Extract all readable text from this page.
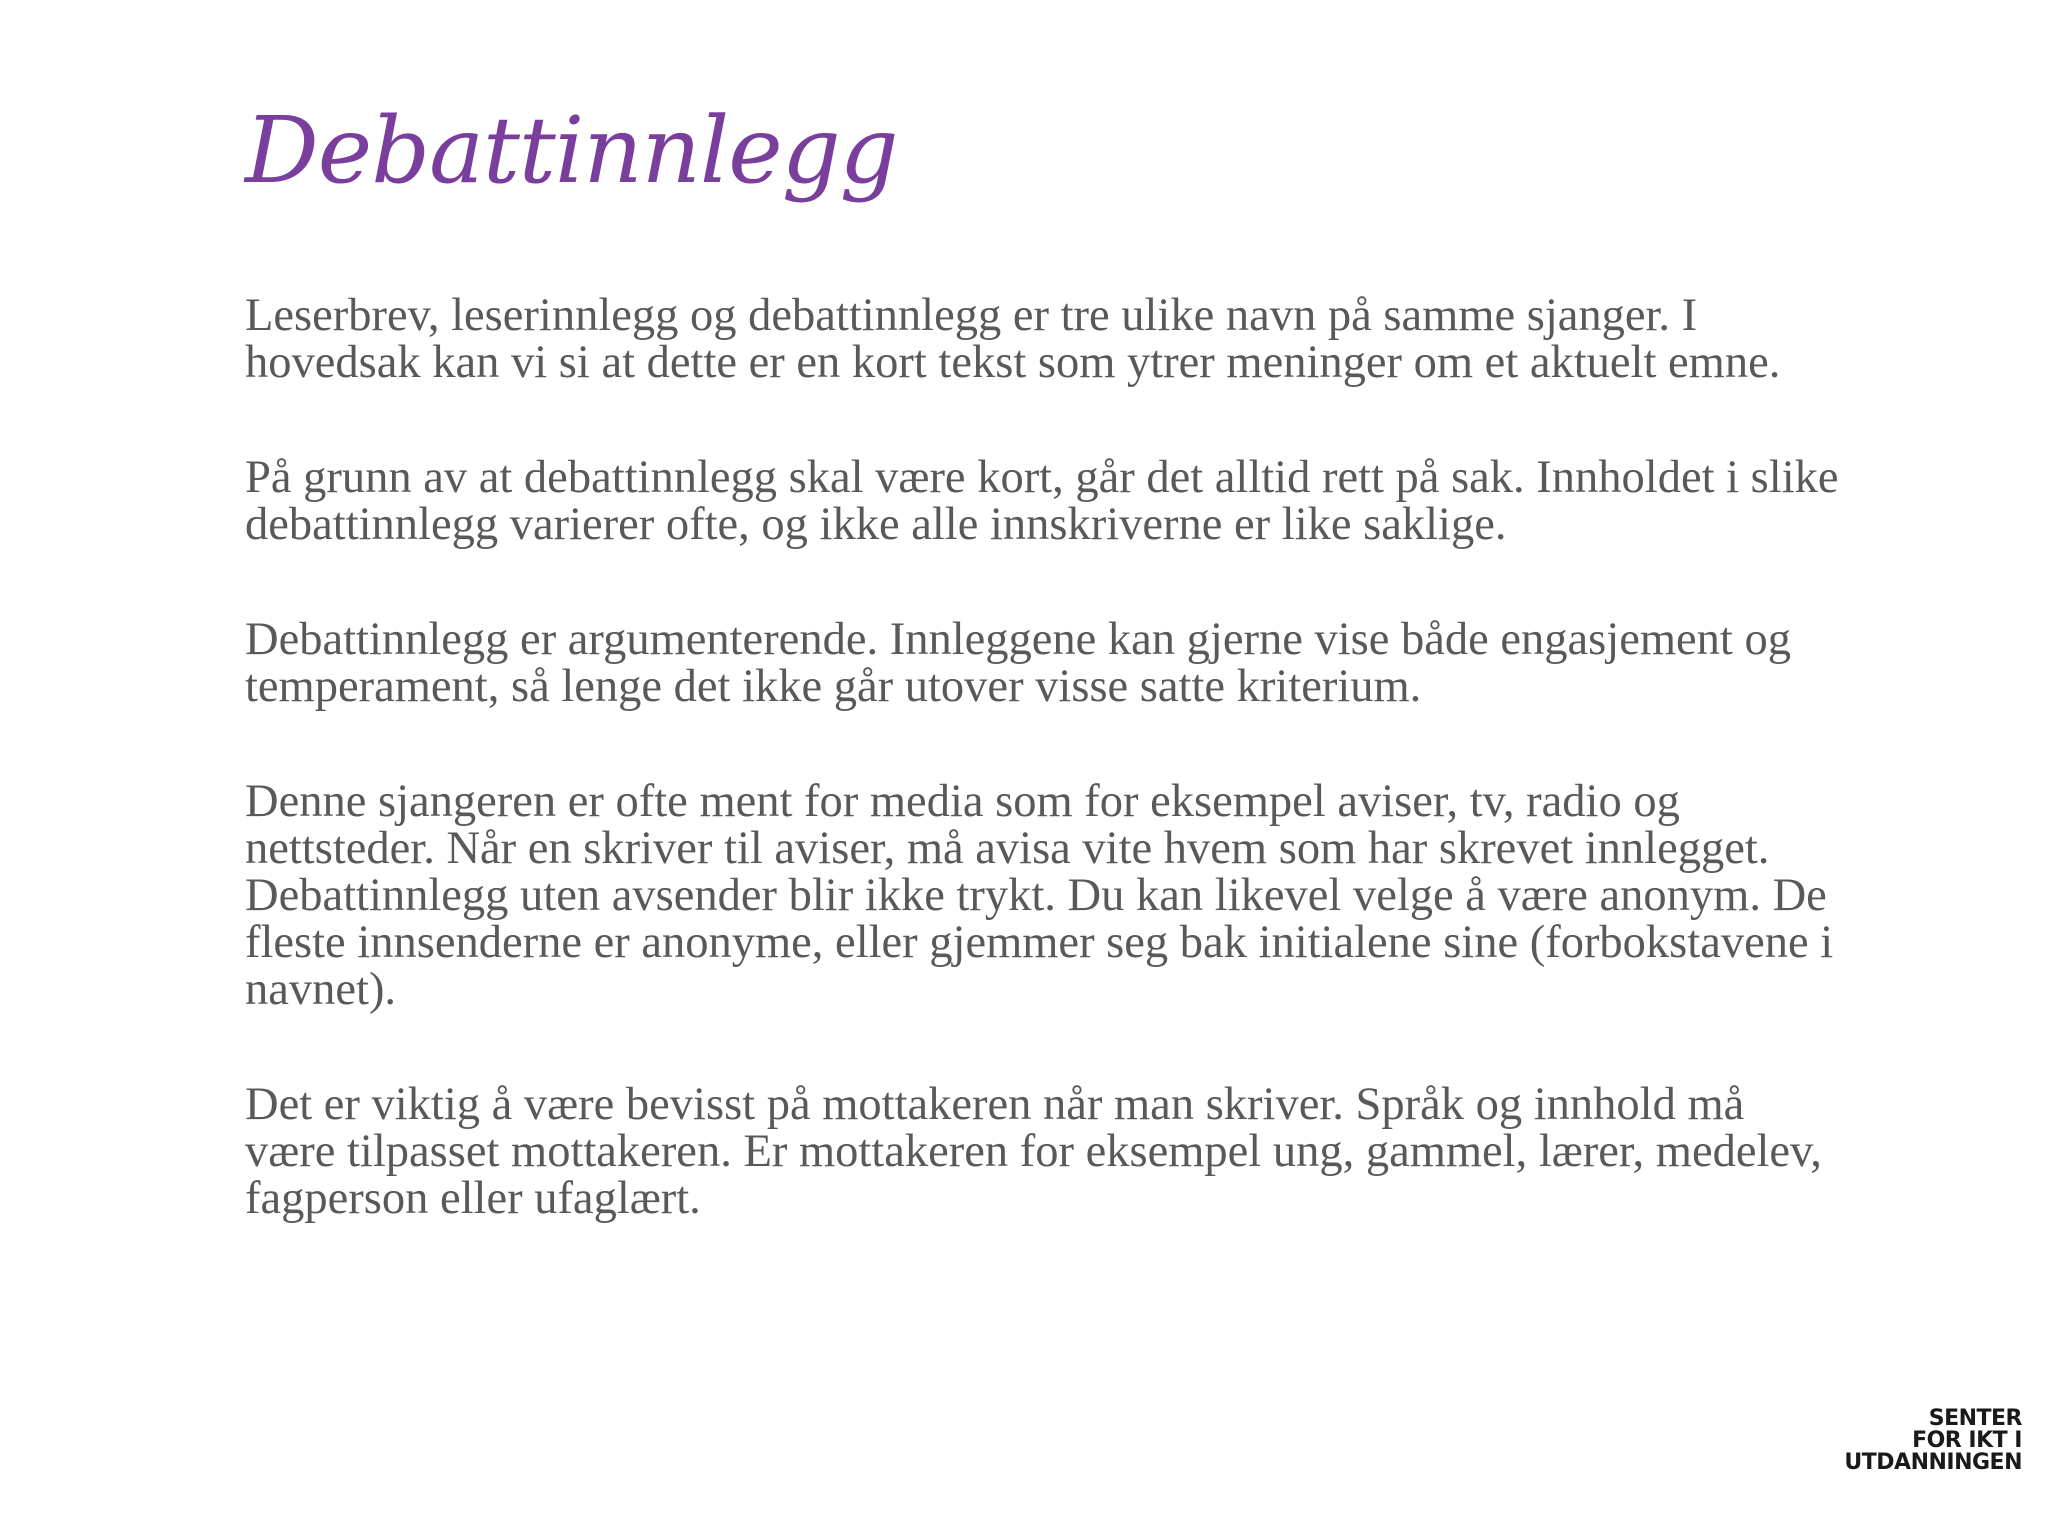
Debattinnlegg

Leserbrev, leserinnlegg og debattinnlegg er tre ulike navn på samme sjanger. I hovedsak kan vi si at dette er en kort tekst som ytrer meninger om et aktuelt emne.

På grunn av at debattinnlegg skal være kort, går det alltid rett på sak. Innholdet i slike debattinnlegg varierer ofte, og ikke alle innskriverne er like saklige.

Debattinnlegg er argumenterende. Innleggene kan gjerne vise både engasjement og temperament, så lenge det ikke går utover visse satte kriterium.

Denne sjangeren er ofte ment for media som for eksempel aviser, tv, radio og nettsteder. Når en skriver til aviser, må avisa vite hvem som har skrevet innlegget. Debattinnlegg uten avsender blir ikke trykt. Du kan likevel velge å være anonym. De fleste innsenderne er anonyme, eller gjemmer seg bak initialene sine (forbokstavene i navnet).

Det er viktig å være bevisst på mottakeren når man skriver. Språk og innhold må være tilpasset mottakeren. Er mottakeren for eksempel ung, gammel, lærer, medelev, fagperson eller ufaglært.

SENTER
FOR IKT I
UTDANNINGEN
